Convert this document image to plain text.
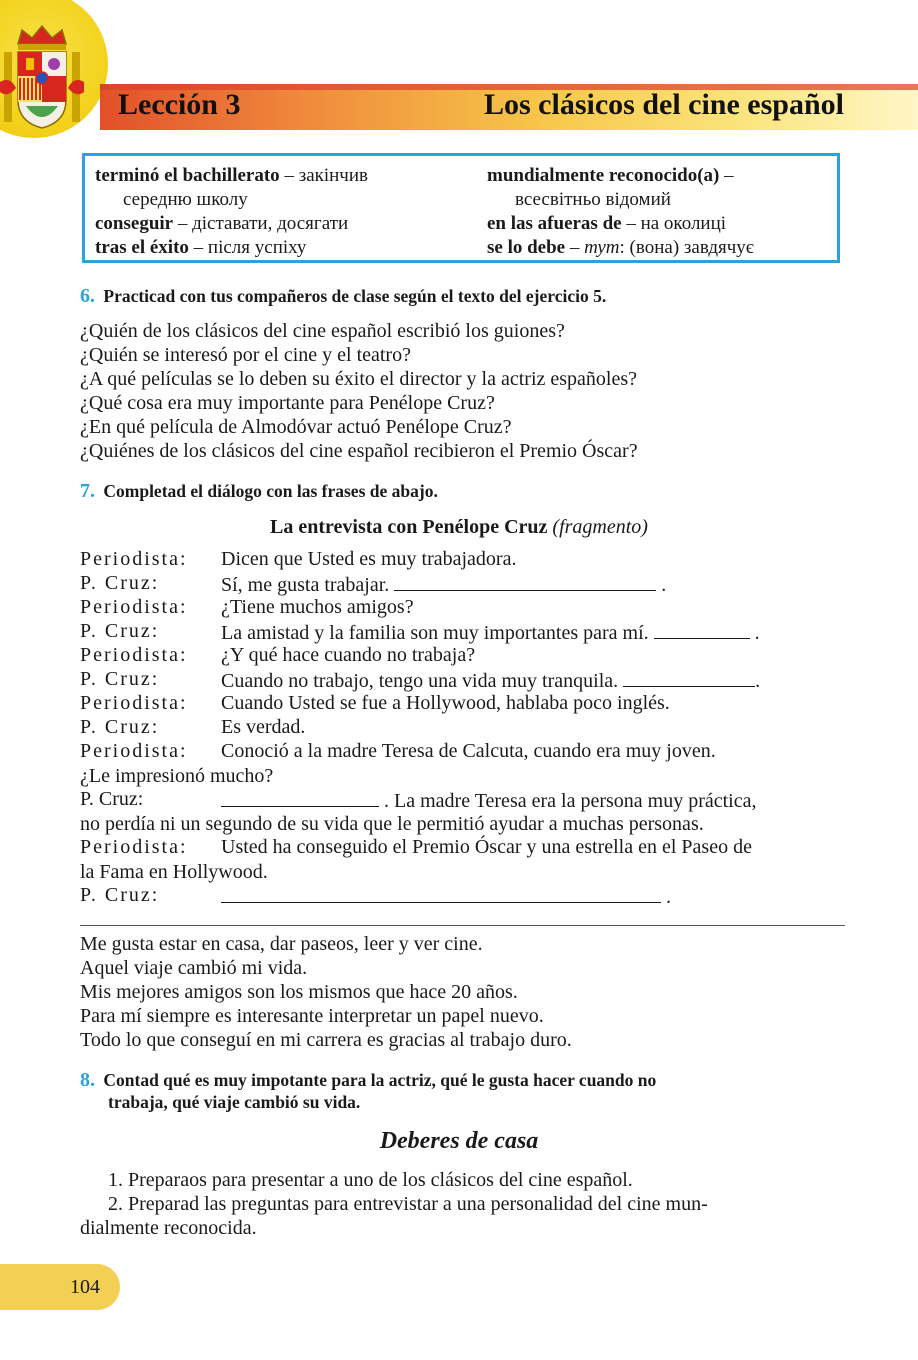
Lección 3	Los clásicos del cine español
terminó el bachillerato – закінчив
середню школу
conseguir – діставати, досягати
tras el éxito – після успіху
mundialmente reconocido(a) –
всесвітньо відомий
en las afueras de – на околиці
se lo debe – тут: (вона) завдячує
6. Practicad con tus compañeros de clase según el texto del ejercicio 5.
¿Quién de los clásicos del cine español escribió los guiones?
¿Quién se interesó por el cine y el teatro?
¿A qué películas se lo deben su éxito el director y la actriz españoles?
¿Qué cosa era muy importante para Penélope Cruz?
¿En qué película de Almodóvar actuó Penélope Cruz?
¿Quiénes de los clásicos del cine español recibieron el Premio Óscar?
7. Completad el diálogo con las frases de abajo.
La entrevista con Penélope Cruz (fragmento)
Periodista: Dicen que Usted es muy trabajadora.
P. Cruz:	Sí, me gusta trabajar.	.
Periodista: ¿Tiene muchos amigos?
P. Cruz:	La amistad y la familia son muy importantes para mí.	.
Periodista: ¿Y qué hace cuando no trabaja?
P. Cruz:	Cuando no trabajo, tengo una vida muy tranquila.	.
Periodista: Cuando Usted se fue a Hollywood, hablaba poco inglés.
P. Cruz:	Es verdad.
Periodista: Conoció a la madre Teresa de Calcuta, cuando era muy joven.
¿Le impresionó mucho?
P. Cruz:	. La madre Teresa era la persona muy práctica,
no perdía ni un segundo de su vida que le permitió ayudar a muchas personas.
Periodista: Usted ha conseguido el Premio Óscar y una estrella en el Paseo de
la Fama en Hollywood.
P. Cruz:	.
Me gusta estar en casa, dar paseos, leer y ver cine.
Aquel viaje cambió mi vida.
Mis mejores amigos son los mismos que hace 20 años.
Para mí siempre es interesante interpretar un papel nuevo.
Todo lo que conseguí en mi carrera es gracias al trabajo duro.
8. Contad qué es muy impotante para la actriz, qué le gusta hacer cuando no
trabaja, qué viaje cambió su vida.
Deberes de casa
1. Preparaos para presentar a uno de los clásicos del cine español.
2. Preparad las preguntas para entrevistar a una personalidad del cine mun-
dialmente reconocida.
104
